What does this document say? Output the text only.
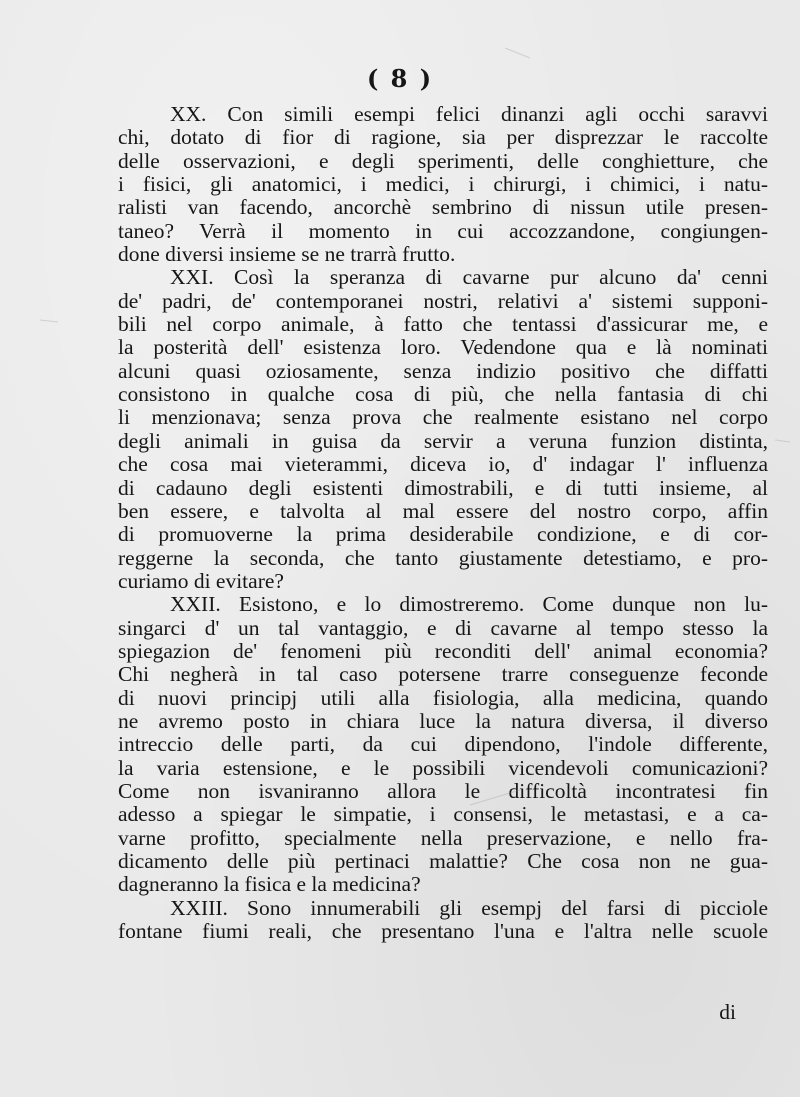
( 8 )
XX. Con simili esempi felici dinanzi agli occhi saravvi
chi, dotato di fior di ragione, sia per disprezzar le raccolte
delle osservazioni, e degli sperimenti, delle conghietture, che
i fisici, gli anatomici, i medici, i chirurgi, i chimici, i natu-
ralisti van facendo, ancorchè sembrino di nissun utile presen-
taneo? Verrà il momento in cui accozzandone, congiungen-
done diversi insieme se ne trarrà frutto.
XXI. Così la speranza di cavarne pur alcuno da' cenni
de' padri, de' contemporanei nostri, relativi a' sistemi supponi-
bili nel corpo animale, à fatto che tentassi d'assicurar me, e
la posterità dell' esistenza loro. Vedendone qua e là nominati
alcuni quasi oziosamente, senza indizio positivo che diffatti
consistono in qualche cosa di più, che nella fantasia di chi
li menzionava; senza prova che realmente esistano nel corpo
degli animali in guisa da servir a veruna funzion distinta,
che cosa mai vieterammi, diceva io, d' indagar l' influenza
di cadauno degli esistenti dimostrabili, e di tutti insieme, al
ben essere, e talvolta al mal essere del nostro corpo, affin
di promuoverne la prima desiderabile condizione, e di cor-
reggerne la seconda, che tanto giustamente detestiamo, e pro-
curiamo di evitare?
XXII. Esistono, e lo dimostreremo. Come dunque non lu-
singarci d' un tal vantaggio, e di cavarne al tempo stesso la
spiegazion de' fenomeni più reconditi dell' animal economia?
Chi negherà in tal caso potersene trarre conseguenze feconde
di nuovi principj utili alla fisiologia, alla medicina, quando
ne avremo posto in chiara luce la natura diversa, il diverso
intreccio delle parti, da cui dipendono, l'indole differente,
la varia estensione, e le possibili vicendevoli comunicazioni?
Come non isvaniranno allora le difficoltà incontratesi fin
adesso a spiegar le simpatie, i consensi, le metastasi, e a ca-
varne profitto, specialmente nella preservazione, e nello fra-
dicamento delle più pertinaci malattie? Che cosa non ne gua-
dagneranno la fisica e la medicina?
XXIII. Sono innumerabili gli esempj del farsi di picciole
fontane fiumi reali, che presentano l'una e l'altra nelle scuole
di
